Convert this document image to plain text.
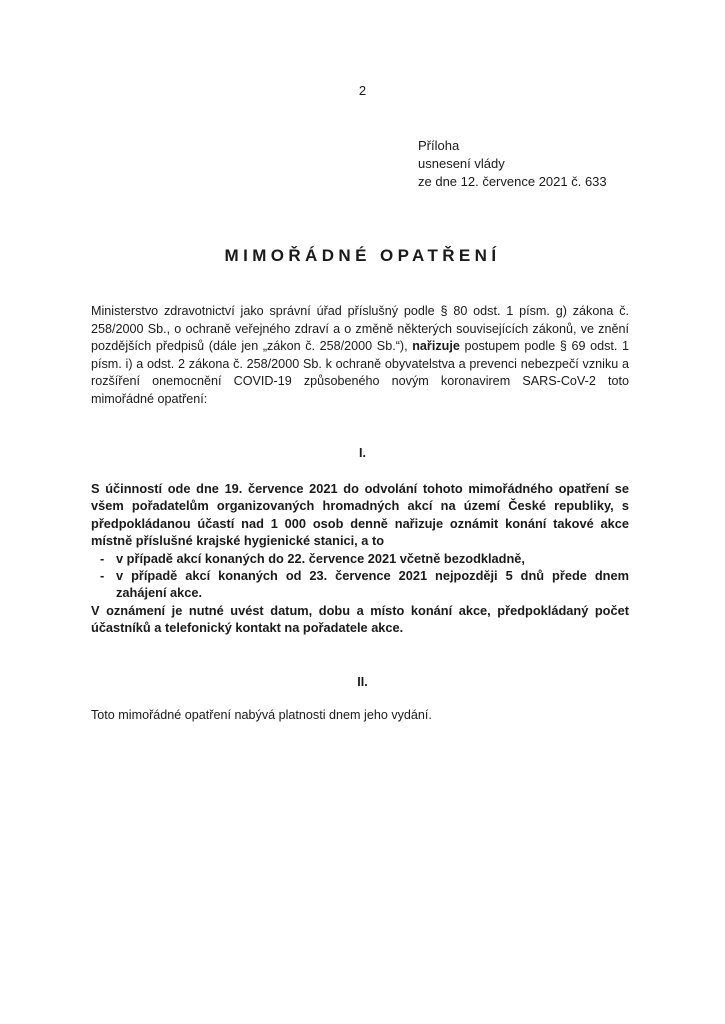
2
Příloha
usnesení vlády
ze dne 12. července 2021 č. 633
MIMOŘÁDNÉ OPATŘENÍ
Ministerstvo zdravotnictví jako správní úřad příslušný podle § 80 odst. 1 písm. g) zákona č. 258/2000 Sb., o ochraně veřejného zdraví a o změně některých souvisejících zákonů, ve znění pozdějších předpisů (dále jen „zákon č. 258/2000 Sb.“), nařizuje postupem podle § 69 odst. 1 písm. i) a odst. 2 zákona č. 258/2000 Sb. k ochraně obyvatelstva a prevenci nebezpečí vzniku a rozšíření onemocnění COVID-19 způsobeného novým koronavirem SARS-CoV-2 toto mimořádné opatření:
I.
S účinností ode dne 19. července 2021 do odvolání tohoto mimořádného opatření se všem pořadatelům organizovaných hromadných akcí na území České republiky, s předpokládanou účastí nad 1 000 osob denně nařizuje oznámit konání takové akce místně příslušné krajské hygienické stanici, a to
- v případě akcí konaných do 22. července 2021 včetně bezodkladně,
- v případě akcí konaných od 23. července 2021 nejpozději 5 dnů přede dnem zahájení akce.
V oznámení je nutné uvést datum, dobu a místo konání akce, předpokládaný počet účastníků a telefonický kontakt na pořadatele akce.
II.
Toto mimořádné opatření nabývá platnosti dnem jeho vydání.
